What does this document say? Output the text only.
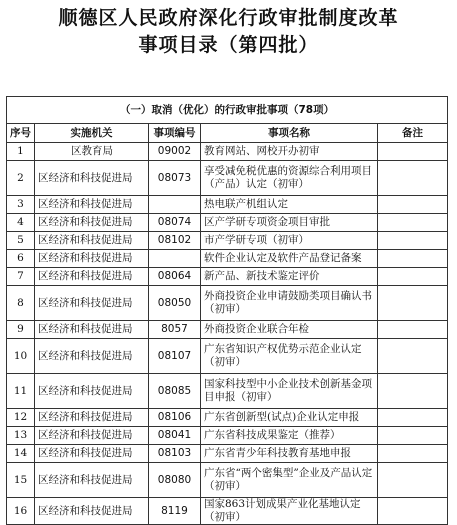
顺德区人民政府深化行政审批制度改革
事项目录（第四批）
（一）取消（优化）的行政审批事项（78项）				
序号	实施机关	事项编号	事项名称	备注
1	区教育局	09002	教育网站、网校开办初审	
2	区经济和科技促进局	08073	享受减免税优惠的资源综合利用项目（产品）认定（初审）	
3	区经济和科技促进局		热电联产机组认定	
4	区经济和科技促进局	08074	区产学研专项资金项目审批	
5	区经济和科技促进局	08102	市产学研专项（初审）	
6	区经济和科技促进局		软件企业认定及软件产品登记备案	
7	区经济和科技促进局	08064	新产品、新技术鉴定评价	
8	区经济和科技促进局	08050	外商投资企业申请鼓励类项目确认书（初审）	
9	区经济和科技促进局	8057	外商投资企业联合年检	
10	区经济和科技促进局	08107	广东省知识产权优势示范企业认定（初审）	
11	区经济和科技促进局	08085	国家科技型中小企业技术创新基金项目申报（初审）	
12	区经济和科技促进局	08106	广东省创新型(试点)企业认定申报	
13	区经济和科技促进局	08041	广东省科技成果鉴定（推荐）	
14	区经济和科技促进局	08103	广东省青少年科技教育基地申报	
15	区经济和科技促进局	08080	广东省“两个密集型”企业及产品认定（初审）	
16	区经济和科技促进局	8119	国家863计划成果产业化基地认定（初审）	
